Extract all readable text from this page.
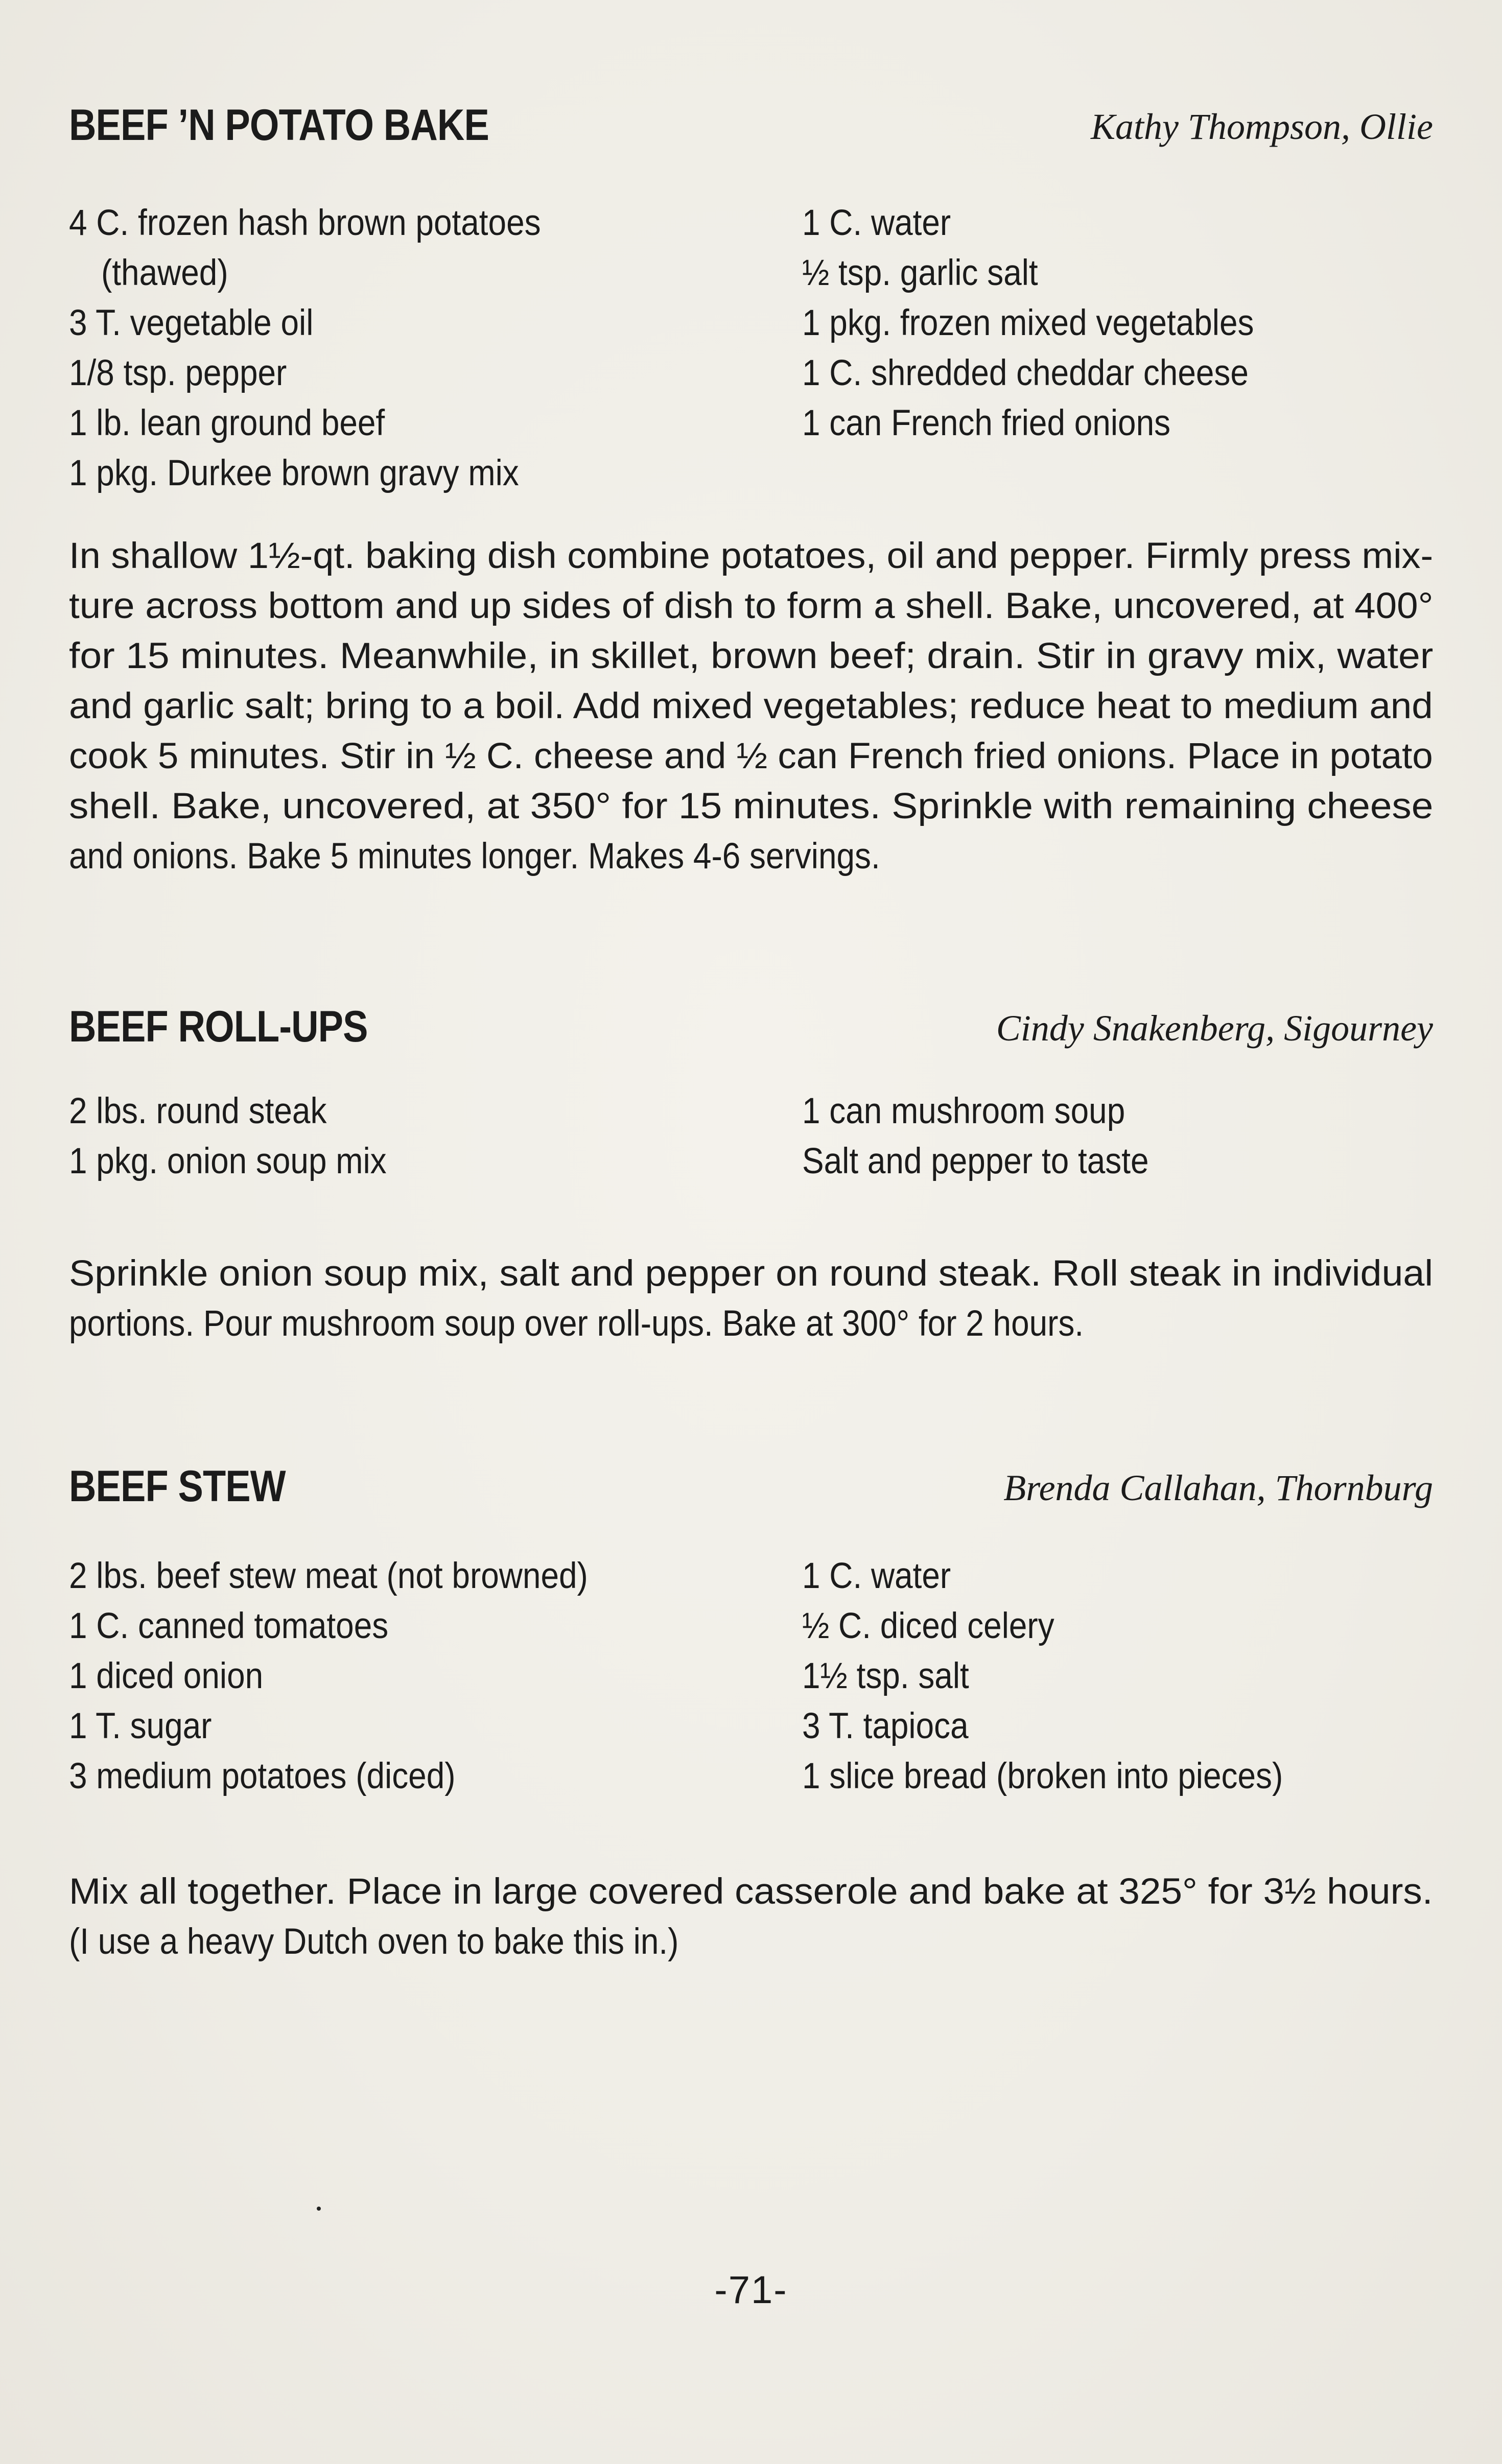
BEEF ’N POTATO BAKE	Kathy Thompson, Ollie
4 C. frozen hash brown potatoes
(thawed)
3 T. vegetable oil
1/8 tsp. pepper
1 lb. lean ground beef
1 pkg. Durkee brown gravy mix
1 C. water
½ tsp. garlic salt
1 pkg. frozen mixed vegetables
1 C. shredded cheddar cheese
1 can French fried onions
In shallow 1½-qt. baking dish combine potatoes, oil and pepper. Firmly press mix-
ture across bottom and up sides of dish to form a shell. Bake, uncovered, at 400°
for 15 minutes. Meanwhile, in skillet, brown beef; drain. Stir in gravy mix, water
and garlic salt; bring to a boil. Add mixed vegetables; reduce heat to medium and
cook 5 minutes. Stir in ½ C. cheese and ½ can French fried onions. Place in potato
shell. Bake, uncovered, at 350° for 15 minutes. Sprinkle with remaining cheese
and onions. Bake 5 minutes longer. Makes 4-6 servings.
BEEF ROLL-UPS	Cindy Snakenberg, Sigourney
2 lbs. round steak
1 pkg. onion soup mix
1 can mushroom soup
Salt and pepper to taste
Sprinkle onion soup mix, salt and pepper on round steak. Roll steak in individual
portions. Pour mushroom soup over roll-ups. Bake at 300° for 2 hours.
BEEF STEW	Brenda Callahan, Thornburg
2 lbs. beef stew meat (not browned)
1 C. canned tomatoes
1 diced onion
1 T. sugar
3 medium potatoes (diced)
1 C. water
½ C. diced celery
1½ tsp. salt
3 T. tapioca
1 slice bread (broken into pieces)
Mix all together. Place in large covered casserole and bake at 325° for 3½ hours.
(I use a heavy Dutch oven to bake this in.)
-71-
